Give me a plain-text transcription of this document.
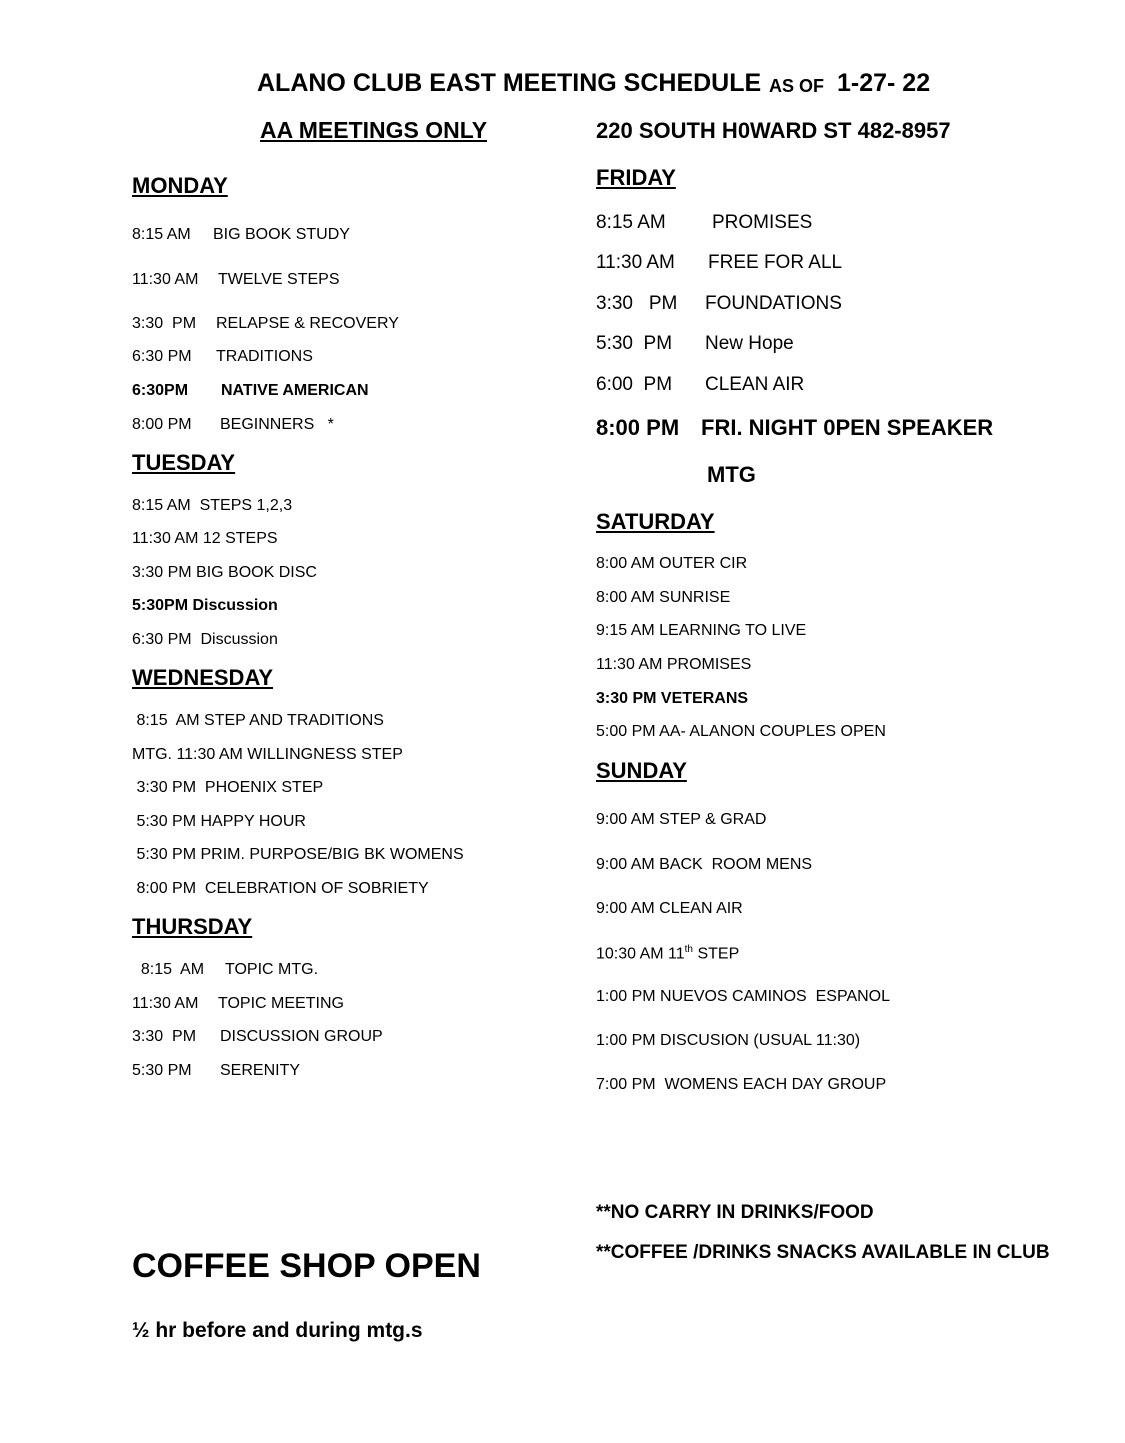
ALANO CLUB EAST MEETING SCHEDULE AS OF 1-27- 22
AA MEETINGS ONLY	220 SOUTH H0WARD ST 482-8957
MONDAY
8:15 AM BIG BOOK STUDY
11:30 AM TWELVE STEPS
3:30  PM RELAPSE & RECOVERY
6:30 PM TRADITIONS
6:30PM NATIVE AMERICAN
8:00 PM BEGINNERS   *
TUESDAY
8:15 AM  STEPS 1,2,3
11:30 AM 12 STEPS
3:30 PM BIG BOOK DISC
5:30PM Discussion
6:30 PM  Discussion
WEDNESDAY
8:15  AM STEP AND TRADITIONS
MTG. 11:30 AM WILLINGNESS STEP
3:30 PM  PHOENIX STEP
5:30 PM HAPPY HOUR
5:30 PM PRIM. PURPOSE/BIG BK WOMENS
8:00 PM  CELEBRATION OF SOBRIETY
THURSDAY
8:15  AM TOPIC MTG.
11:30 AM TOPIC MEETING
3:30  PM DISCUSSION GROUP
5:30 PM SERENITY
FRIDAY
8:15 AM PROMISES
11:30 AM FREE FOR ALL
3:30   PM FOUNDATIONS
5:30  PM New Hope
6:00  PM CLEAN AIR
8:00 PM FRI. NIGHT 0PEN SPEAKER
MTG
SATURDAY
8:00 AM OUTER CIR
8:00 AM SUNRISE
9:15 AM LEARNING TO LIVE
11:30 AM PROMISES
3:30 PM VETERANS
5:00 PM AA- ALANON COUPLES OPEN
SUNDAY
9:00 AM STEP & GRAD
9:00 AM BACK  ROOM MENS
9:00 AM CLEAN AIR
10:30 AM 11th STEP
1:00 PM NUEVOS CAMINOS  ESPANOL
1:00 PM DISCUSION (USUAL 11:30)
7:00 PM  WOMENS EACH DAY GROUP
**NO CARRY IN DRINKS/FOOD
**COFFEE /DRINKS SNACKS AVAILABLE IN CLUB
COFFEE SHOP OPEN
½ hr before and during mtg.s
